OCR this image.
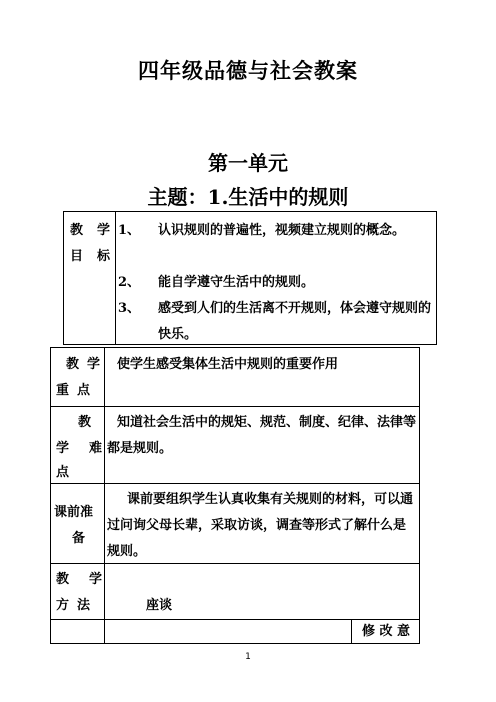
四年级品德与社会教案
第一单元
主题：1.生活中的规则
教 学
目 标
1、 认识规则的普遍性，视频建立规则的概念。
2、 能自学遵守生活中的规则。
3、 感受到人们的生活离不开规则，体会遵守规则的快乐。
教 学
重 点
使学生感受集体生活中规则的重要作用
教
学 难
点
知道社会生活中的规矩、规范、制度、纪律、法律等都是规则。
课前准
备
课前要组织学生认真收集有关规则的材料，可以通过问询父母长辈，采取访谈，调查等形式了解什么是规则。
教 学
方 法	座谈
修 改 意
1
